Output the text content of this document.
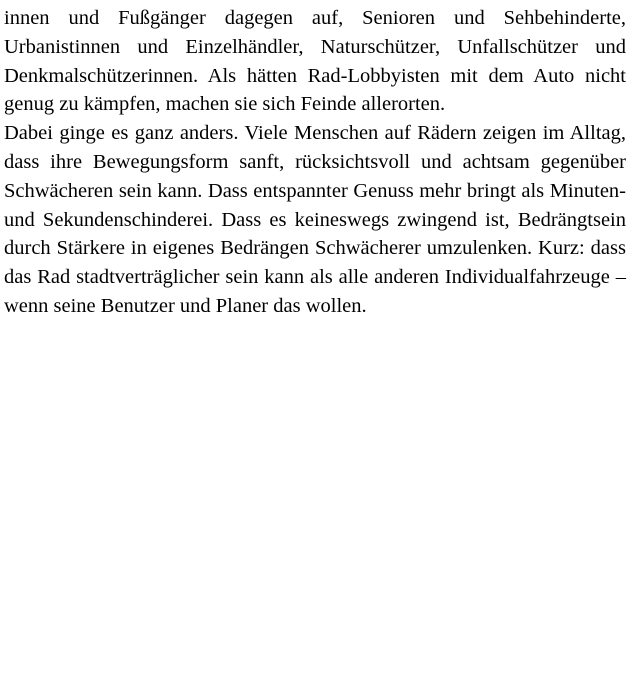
innen und Fußgänger dagegen auf, Senioren und Sehbehinderte, Urbanistinnen und Einzelhändler, Naturschützer, Unfallschützer und Denkmalschützerinnen. Als hätten Rad-Lobbyisten mit dem Auto nicht genug zu kämpfen, machen sie sich Feinde allerorten.

Dabei ginge es ganz anders. Viele Menschen auf Rädern zeigen im Alltag, dass ihre Bewegungsform sanft, rücksichtsvoll und achtsam gegenüber Schwächeren sein kann. Dass entspannter Genuss mehr bringt als Minuten- und Sekundenschinderei. Dass es keineswegs zwingend ist, Bedrängtsein durch Stärkere in eigenes Bedrängen Schwächerer umzulenken. Kurz: dass das Rad stadtverträglicher sein kann als alle anderen Individualfahrzeuge – wenn seine Benutzer und Planer das wollen.
